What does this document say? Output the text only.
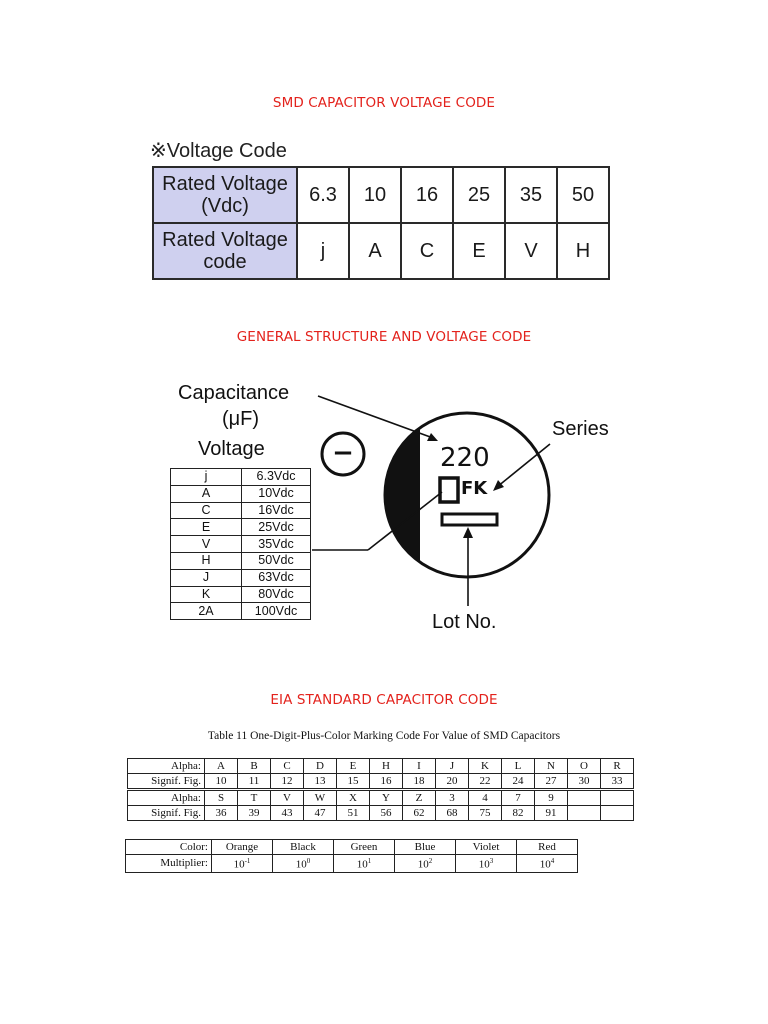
SMD CAPACITOR VOLTAGE CODE
GENERAL STRUCTURE AND VOLTAGE CODE
EIA STANDARD CAPACITOR CODE
※Voltage Code
Rated Voltage
(Vdc)	6.3	10	16	25	35	50

Rated Voltage
code	j	A	C	E	V	H
Capacitance
(μF)
Voltage
Series
Lot No.
−	220
FK
j	6.3Vdc
A	10Vdc
C	16Vdc
E	25Vdc
V	35Vdc
H	50Vdc
J	63Vdc
K	80Vdc
2A	100Vdc
Table 11 One-Digit-Plus-Color Marking Code For Value of SMD Capacitors
Alpha:	A	B	C	D	E	H	I	J	K	L	N	O	R
Signif. Fig.	10	11	12	13	15	16	18	20	22	24	27	30	33
Alpha:	S	T	V	W	X	Y	Z	3	4	7	9		
Signif. Fig.	36	39	43	47	51	56	62	68	75	82	91		
Color:	Orange	Black	Green	Blue	Violet	Red
Multiplier:	$10^{-1}$	$10^0$	$10^1$	$10^2$	$10^3$	$10^4$
